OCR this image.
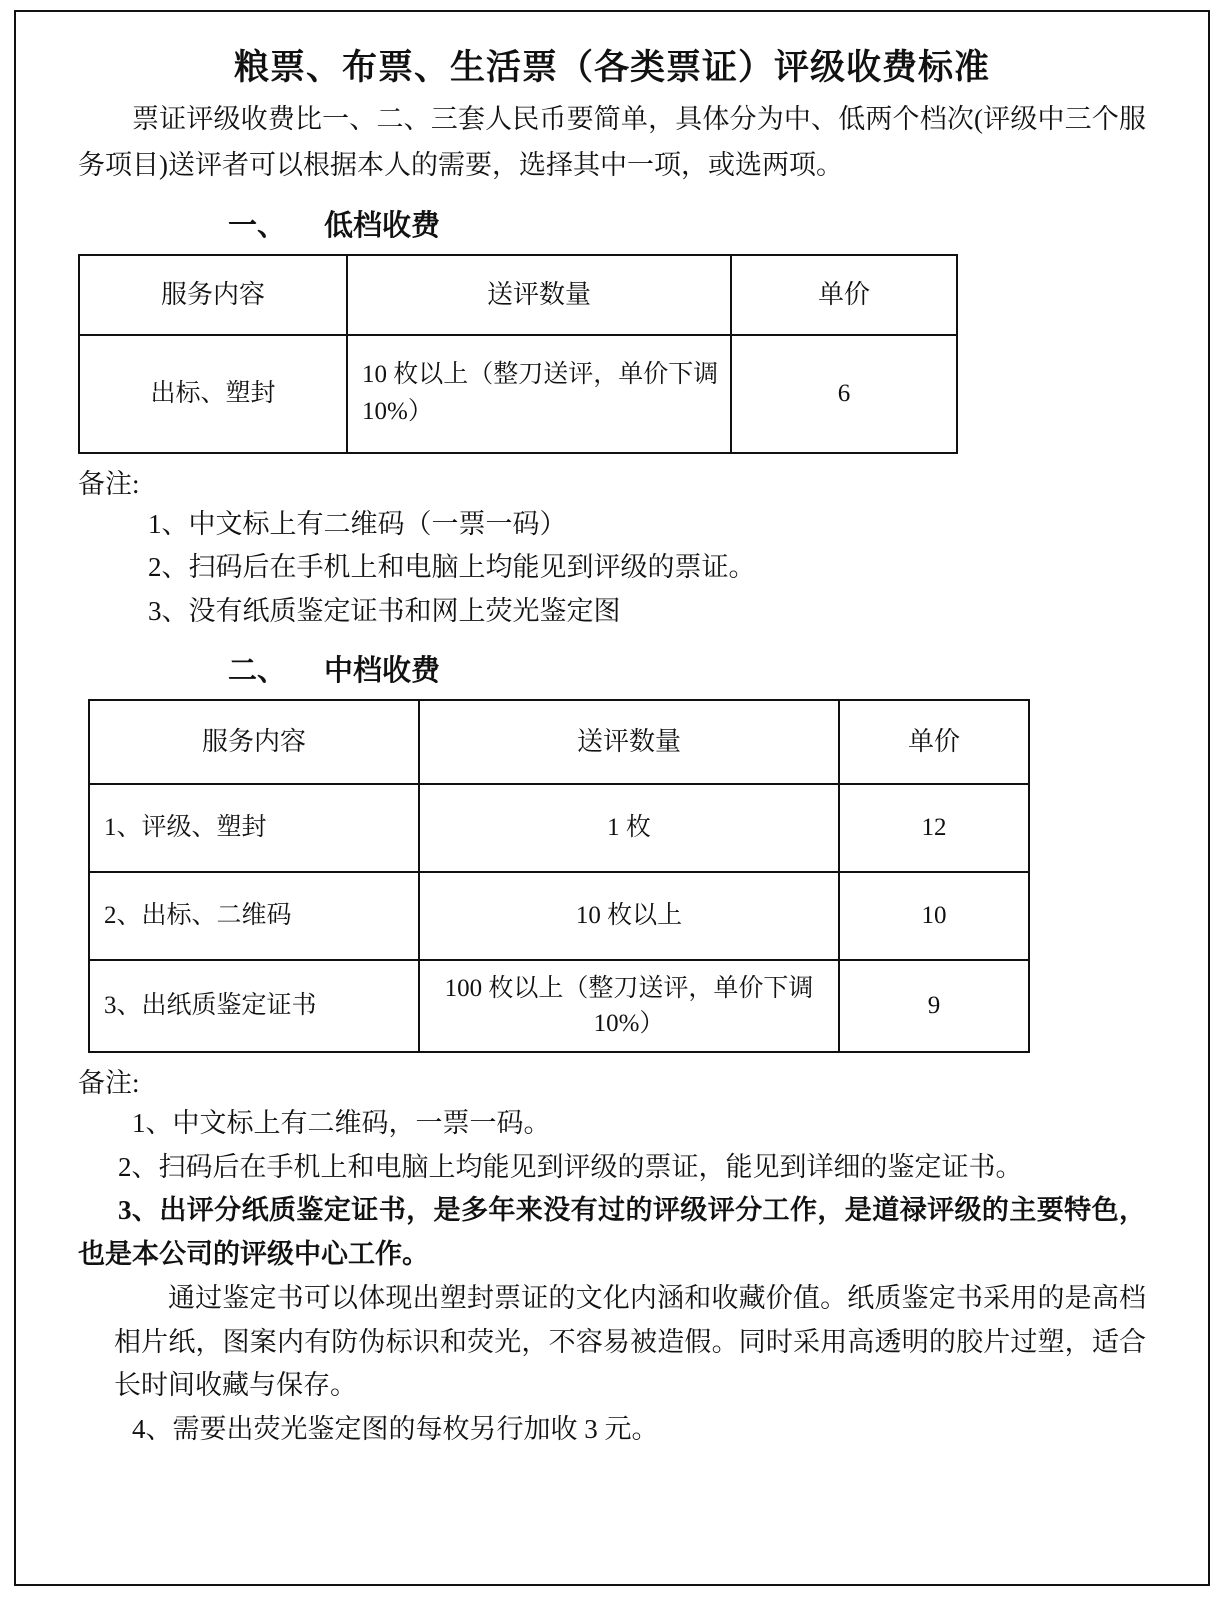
粮票、布票、生活票（各类票证）评级收费标准

票证评级收费比一、二、三套人民币要简单，具体分为中、低两个档次(评级中三个服务项目)送评者可以根据本人的需要，选择其中一项，或选两项。

一、 低档收费
服务内容	送评数量	单价
出标、塑封	10 枚以上（整刀送评，单价下调 10%）	6
备注:
1、中文标上有二维码（一票一码）
2、扫码后在手机上和电脑上均能见到评级的票证。
3、没有纸质鉴定证书和网上荧光鉴定图
二、 中档收费
服务内容	送评数量	单价
1、评级、塑封	1 枚	12
2、出标、二维码	10 枚以上	10
3、出纸质鉴定证书	100 枚以上（整刀送评，单价下调 10%）	9
备注:
1、中文标上有二维码，一票一码。
2、扫码后在手机上和电脑上均能见到评级的票证，能见到详细的鉴定证书。
3、出评分纸质鉴定证书，是多年来没有过的评级评分工作，是道禄评级的主要特色，也是本公司的评级中心工作。

通过鉴定书可以体现出塑封票证的文化内涵和收藏价值。纸质鉴定书采用的是高档相片纸，图案内有防伪标识和荧光，不容易被造假。同时采用高透明的胶片过塑，适合长时间收藏与保存。

4、需要出荧光鉴定图的每枚另行加收 3 元。
